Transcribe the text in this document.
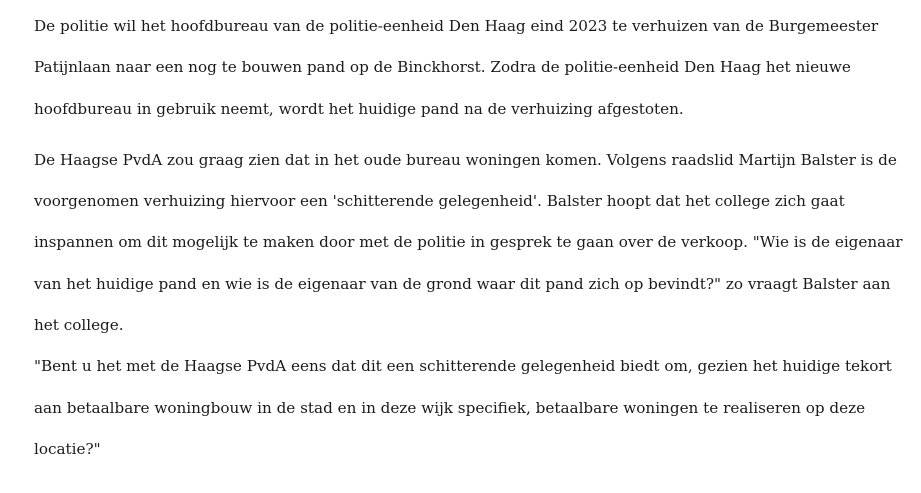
De politie wil het hoofdbureau van de politie-eenheid Den Haag eind 2023 te verhuizen van de Burgemeester
Patijnlaan naar een nog te bouwen pand op de Binckhorst. Zodra de politie-eenheid Den Haag het nieuwe
hoofdbureau in gebruik neemt, wordt het huidige pand na de verhuizing afgestoten.

De Haagse PvdA zou graag zien dat in het oude bureau woningen komen. Volgens raadslid Martijn Balster is de
voorgenomen verhuizing hiervoor een 'schitterende gelegenheid'. Balster hoopt dat het college zich gaat
inspannen om dit mogelijk te maken door met de politie in gesprek te gaan over de verkoop. "Wie is de eigenaar
van het huidige pand en wie is de eigenaar van de grond waar dit pand zich op bevindt?" zo vraagt Balster aan
het college.

"Bent u het met de Haagse PvdA eens dat dit een schitterende gelegenheid biedt om, gezien het huidige tekort
aan betaalbare woningbouw in de stad en in deze wijk specifiek, betaalbare woningen te realiseren op deze
locatie?"
